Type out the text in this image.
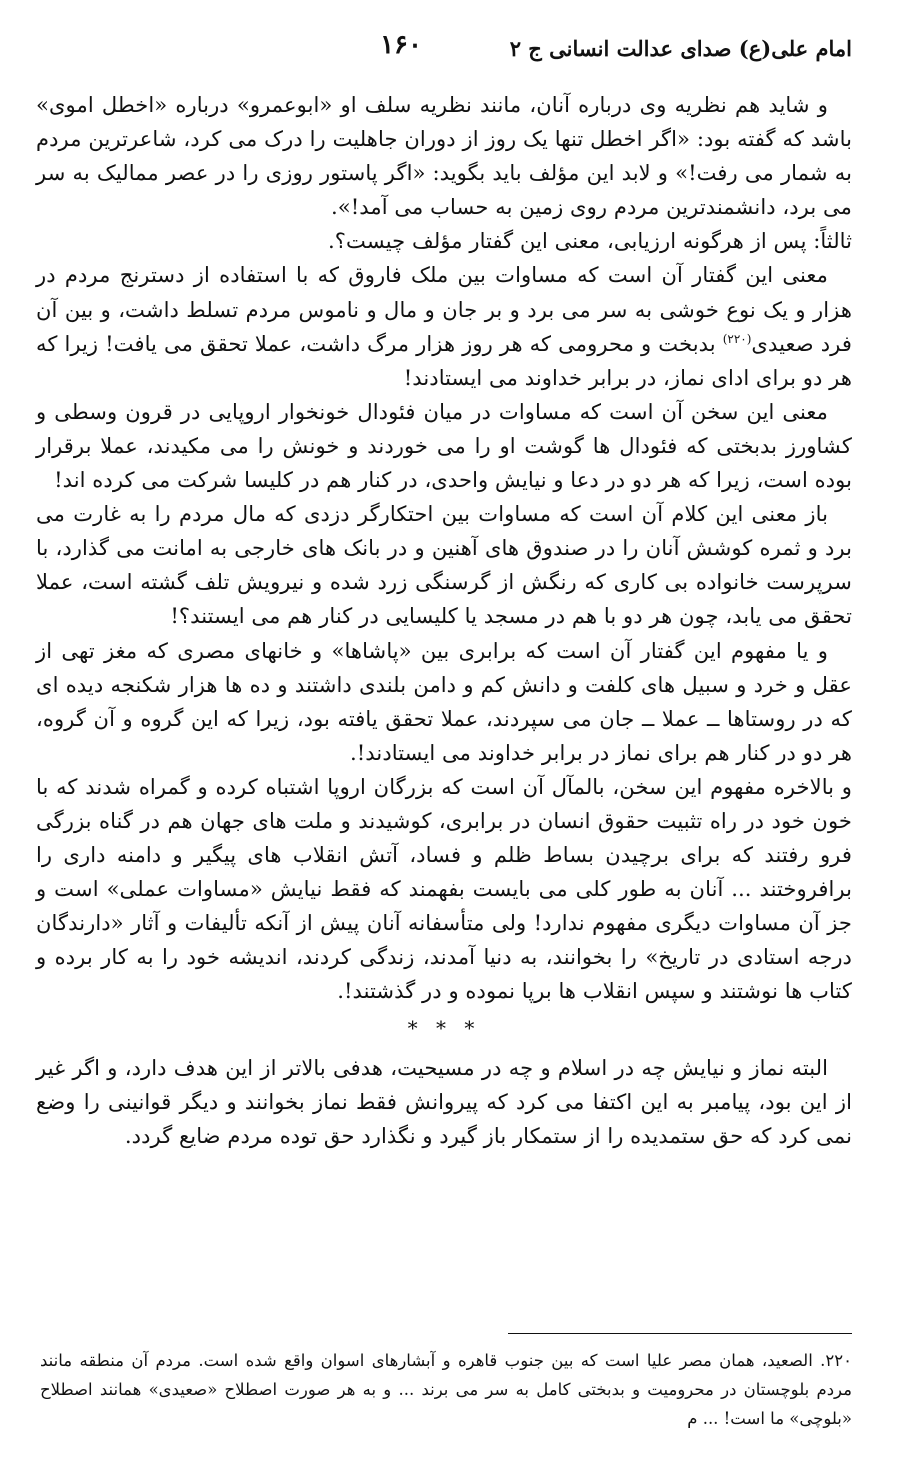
امام علی(ع) صدای عدالت انسانی ج ۲
۱۶۰

و شاید هم نظریه وی درباره آنان، مانند نظریه سلف او «ابوعمرو» درباره «اخطل اموی» باشد که گفته بود: «اگر اخطل تنها یک روز از دوران جاهلیت را درک می کرد، شاعرترین مردم به شمار می رفت!» و لابد این مؤلف باید بگوید: «اگر پاستور روزی را در عصر ممالیک به سر می برد، دانشمندترین مردم روی زمین به حساب می آمد!».

ثالثاً: پس از هرگونه ارزیابی، معنی این گفتار مؤلف چیست؟.

معنی این گفتار آن است که مساوات بین ملک فاروق که با استفاده از دسترنج مردم در هزار و یک نوع خوشی به سر می برد و بر جان و مال و ناموس مردم تسلط داشت، و بین آن فرد صعیدی$^{(۲۲۰)}$ بدبخت و محرومی که هر روز هزار مرگ داشت، عملا تحقق می یافت! زیرا که هر دو برای ادای نماز، در برابر خداوند می ایستادند!

معنی این سخن آن است که مساوات در میان فئودال خونخوار اروپایی در قرون وسطی و کشاورز بدبختی که فئودال ها گوشت او را می خوردند و خونش را می مکیدند، عملا برقرار بوده است، زیرا که هر دو در دعا و نیایش واحدی، در کنار هم در کلیسا شرکت می کرده اند!

باز معنی این کلام آن است که مساوات بین احتکارگر دزدی که مال مردم را به غارت می برد و ثمره کوشش آنان را در صندوق های آهنین و در بانک های خارجی به امانت می گذارد، با سرپرست خانواده بی کاری که رنگش از گرسنگی زرد شده و نیرویش تلف گشته است، عملا تحقق می یابد، چون هر دو با هم در مسجد یا کلیسایی در کنار هم می ایستند؟!

و یا مفهوم این گفتار آن است که برابری بین «پاشاها» و خانهای مصری که مغز تهی از عقل و خرد و سبیل های کلفت و دانش کم و دامن بلندی داشتند و ده ها هزار شکنجه دیده ای که در روستاها ــ عملا ــ جان می سپردند، عملا تحقق یافته بود، زیرا که این گروه و آن گروه، هر دو در کنار هم برای نماز در برابر خداوند می ایستادند!.

و بالاخره مفهوم این سخن، بالمآل آن است که بزرگان اروپا اشتباه کرده و گمراه شدند که با خون خود در راه تثبیت حقوق انسان در برابری، کوشیدند و ملت های جهان هم در گناه بزرگی فرو رفتند که برای برچیدن بساط ظلم و فساد، آتش انقلاب های پیگیر و دامنه داری را برافروختند ... آنان به طور کلی می بایست بفهمند که فقط نیایش «مساوات عملی» است و جز آن مساوات دیگری مفهوم ندارد! ولی متأسفانه آنان پیش از آنکه تألیفات و آثار «دارندگان درجه استادی در تاریخ» را بخوانند، به دنیا آمدند، زندگی کردند، اندیشه خود را به کار برده و کتاب ها نوشتند و سپس انقلاب ها برپا نموده و در گذشتند!.

* * *

البته نماز و نیایش چه در اسلام و چه در مسیحیت، هدفی بالاتر از این هدف دارد، و اگر غیر از این بود، پیامبر به این اکتفا می کرد که پیروانش فقط نماز بخوانند و دیگر قوانینی را وضع نمی کرد که حق ستمدیده را از ستمکار باز گیرد و نگذارد حق توده مردم ضایع گردد.

۲۲۰. الصعید، همان مصر علیا است که بین جنوب قاهره و آبشارهای اسوان واقع شده است. مردم آن منطقه مانند مردم بلوچستان در محرومیت و بدبختی کامل به سر می برند ... و به هر صورت اصطلاح «صعیدی» همانند اصطلاح «بلوچی» ما است! ... م
